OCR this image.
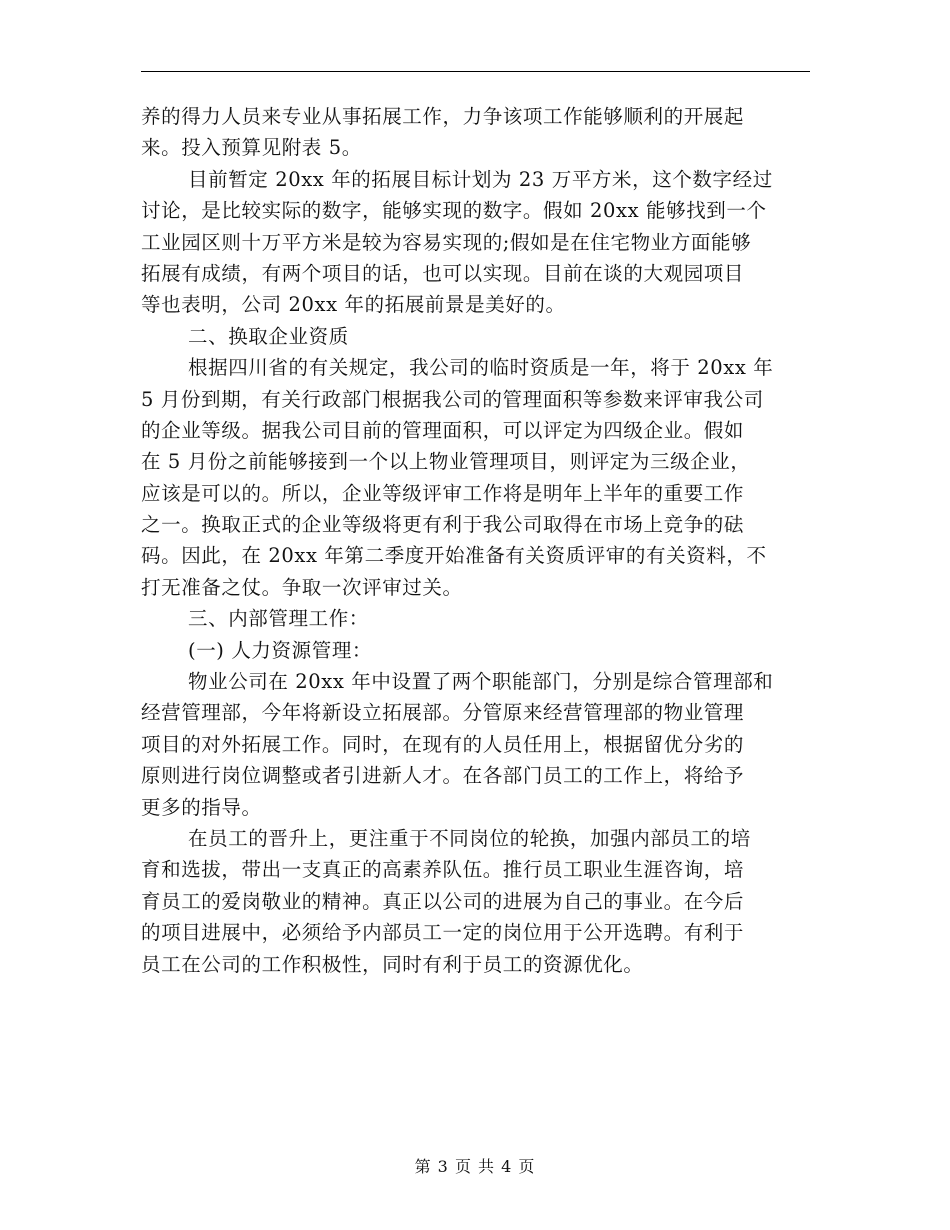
养的得力人员来专业从事拓展工作，力争该项工作能够顺利的开展起
来。投入预算见附表 5。
目前暂定 20xx 年的拓展目标计划为 23 万平方米，这个数字经过
讨论，是比较实际的数字，能够实现的数字。假如 20xx 能够找到一个
工业园区则十万平方米是较为容易实现的;假如是在住宅物业方面能够
拓展有成绩，有两个项目的话，也可以实现。目前在谈的大观园项目
等也表明，公司 20xx 年的拓展前景是美好的。
二、换取企业资质
根据四川省的有关规定，我公司的临时资质是一年，将于 20xx 年
5 月份到期，有关行政部门根据我公司的管理面积等参数来评审我公司
的企业等级。据我公司目前的管理面积，可以评定为四级企业。假如
在 5 月份之前能够接到一个以上物业管理项目，则评定为三级企业，
应该是可以的。所以，企业等级评审工作将是明年上半年的重要工作
之一。换取正式的企业等级将更有利于我公司取得在市场上竞争的砝
码。因此，在 20xx 年第二季度开始准备有关资质评审的有关资料，不
打无准备之仗。争取一次评审过关。
三、内部管理工作：
(一) 人力资源管理：
物业公司在 20xx 年中设置了两个职能部门，分别是综合管理部和
经营管理部，今年将新设立拓展部。分管原来经营管理部的物业管理
项目的对外拓展工作。同时，在现有的人员任用上，根据留优分劣的
原则进行岗位调整或者引进新人才。在各部门员工的工作上，将给予
更多的指导。
在员工的晋升上，更注重于不同岗位的轮换，加强内部员工的培
育和选拔，带出一支真正的高素养队伍。推行员工职业生涯咨询，培
育员工的爱岗敬业的精神。真正以公司的进展为自己的事业。在今后
的项目进展中，必须给予内部员工一定的岗位用于公开选聘。有利于
员工在公司的工作积极性，同时有利于员工的资源优化。
第 3 页 共 4 页
